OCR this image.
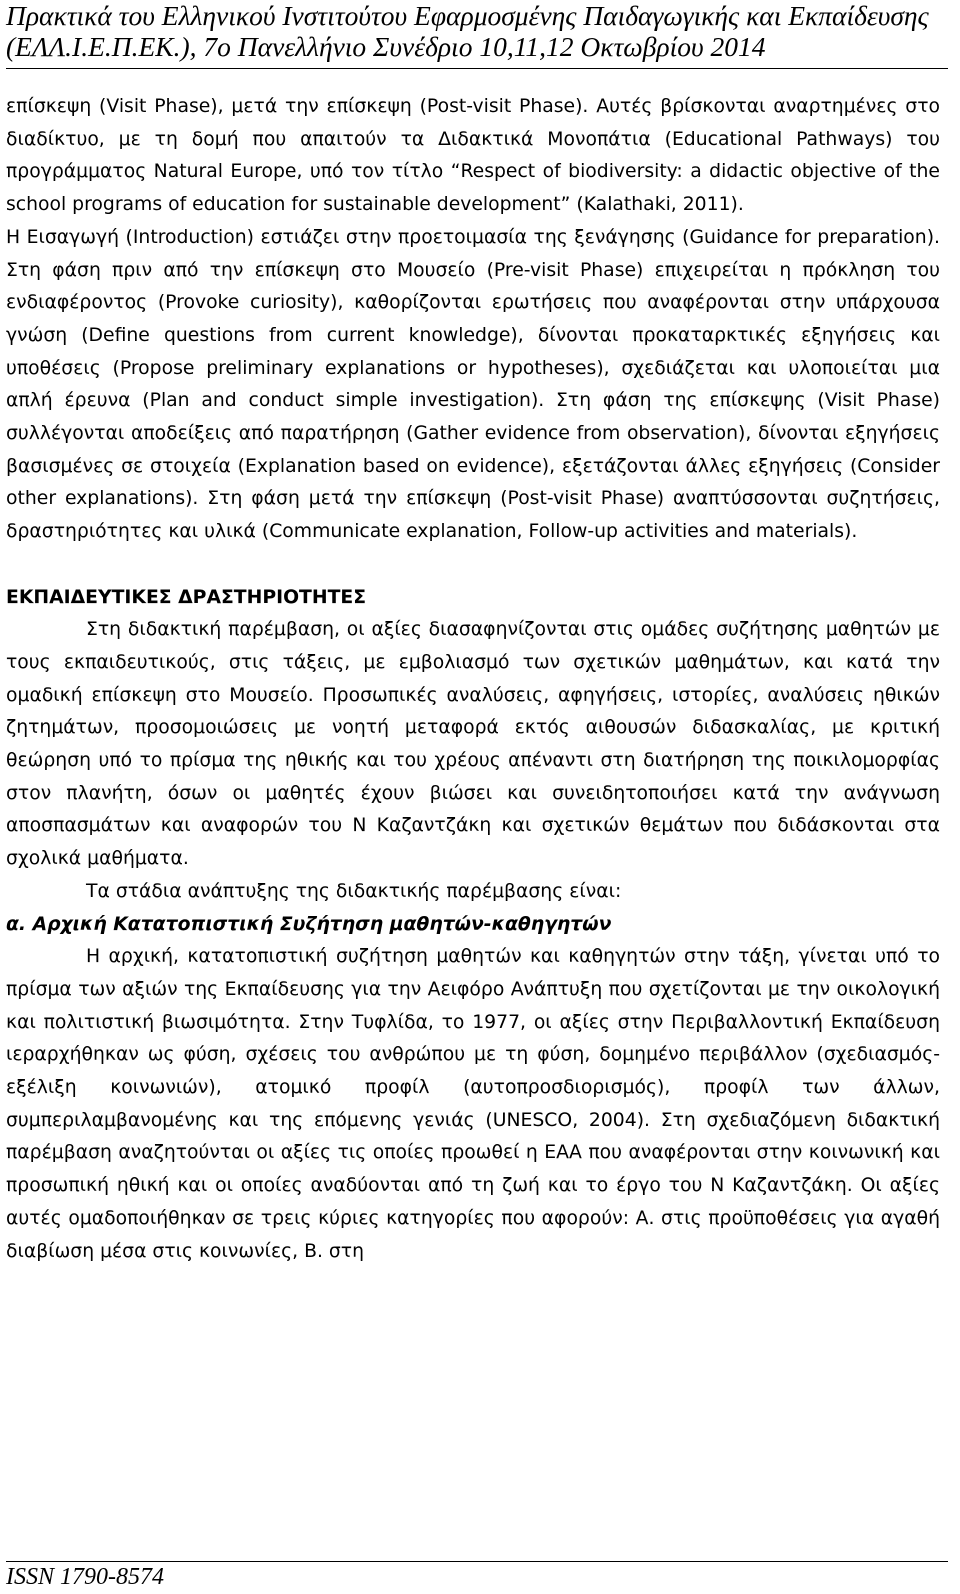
Πρακτικά του Ελληνικού Ινστιτούτου Εφαρμοσμένης Παιδαγωγικής και Εκπαίδευσης
(ΕΛΛ.Ι.Ε.Π.ΕΚ.), 7ο Πανελλήνιο Συνέδριο 10,11,12 Οκτωβρίου 2014

επίσκεψη (Visit Phase), μετά την επίσκεψη (Post-visit Phase). Αυτές βρίσκονται αναρτημένες στο διαδίκτυο, με τη δομή που απαιτούν τα Διδακτικά Μονοπάτια (Educational Pathways) του προγράμματος Natural Europe, υπό τον τίτλο “Respect of biodiversity: a didactic objective of the school programs of education for sustainable development” (Kalathaki, 2011).

Η Εισαγωγή (Introduction) εστιάζει στην προετοιμασία της ξενάγησης (Guidance for preparation). Στη φάση πριν από την επίσκεψη στο Μουσείο (Pre-visit Phase) επιχειρείται η πρόκληση του ενδιαφέροντος (Provoke curiosity), καθορίζονται ερωτήσεις που αναφέρονται στην υπάρχουσα γνώση (Define questions from current knowledge), δίνονται προκαταρκτικές εξηγήσεις και υποθέσεις (Propose preliminary explanations or hypotheses), σχεδιάζεται και υλοποιείται μια απλή έρευνα (Plan and conduct simple investigation). Στη φάση της επίσκεψης (Visit Phase) συλλέγονται αποδείξεις από παρατήρηση (Gather evidence from observation), δίνονται εξηγήσεις βασισμένες σε στοιχεία (Explanation based on evidence), εξετάζονται άλλες εξηγήσεις (Consider other explanations). Στη φάση μετά την επίσκεψη (Post-visit Phase) αναπτύσσονται συζητήσεις, δραστηριότητες και υλικά (Communicate explanation, Follow-up activities and materials).

ΕΚΠΑΙΔΕΥΤΙΚΕΣ ΔΡΑΣΤΗΡΙΟΤΗΤΕΣ

Στη διδακτική παρέμβαση, οι αξίες διασαφηνίζονται στις ομάδες συζήτησης μαθητών με τους εκπαιδευτικούς, στις τάξεις, με εμβολιασμό των σχετικών μαθημάτων, και κατά την ομαδική επίσκεψη στο Μουσείο. Προσωπικές αναλύσεις, αφηγήσεις, ιστορίες, αναλύσεις ηθικών ζητημάτων, προσομοιώσεις με νοητή μεταφορά εκτός αιθουσών διδασκαλίας, με κριτική θεώρηση υπό το πρίσμα της ηθικής και του χρέους απέναντι στη διατήρηση της ποικιλομορφίας στον πλανήτη, όσων οι μαθητές έχουν βιώσει και συνειδητοποιήσει κατά την ανάγνωση αποσπασμάτων και αναφορών του Ν Καζαντζάκη και σχετικών θεμάτων που διδάσκονται στα σχολικά μαθήματα.

Τα στάδια ανάπτυξης της διδακτικής παρέμβασης είναι:

α. Αρχική Κατατοπιστική Συζήτηση μαθητών-καθηγητών

Η αρχική, κατατοπιστική συζήτηση μαθητών και καθηγητών στην τάξη, γίνεται υπό το πρίσμα των αξιών της Εκπαίδευσης για την Αειφόρο Ανάπτυξη που σχετίζονται με την οικολογική και πολιτιστική βιωσιμότητα. Στην Τυφλίδα, το 1977, οι αξίες στην Περιβαλλοντική Εκπαίδευση ιεραρχήθηκαν ως φύση, σχέσεις του ανθρώπου με τη φύση, δομημένο περιβάλλον (σχεδιασμός-εξέλιξη κοινωνιών), ατομικό προφίλ (αυτοπροσδιορισμός), προφίλ των άλλων, συμπεριλαμβανομένης και της επόμενης γενιάς (UNESCO, 2004). Στη σχεδιαζόμενη διδακτική παρέμβαση αναζητούνται οι αξίες τις οποίες προωθεί η ΕΑΑ που αναφέρονται στην κοινωνική και προσωπική ηθική και οι οποίες αναδύονται από τη ζωή και το έργο του Ν Καζαντζάκη. Οι αξίες αυτές ομαδοποιήθηκαν σε τρεις κύριες κατηγορίες που αφορούν: Α. στις προϋποθέσεις για αγαθή διαβίωση μέσα στις κοινωνίες, Β. στη

ISSN 1790-8574
